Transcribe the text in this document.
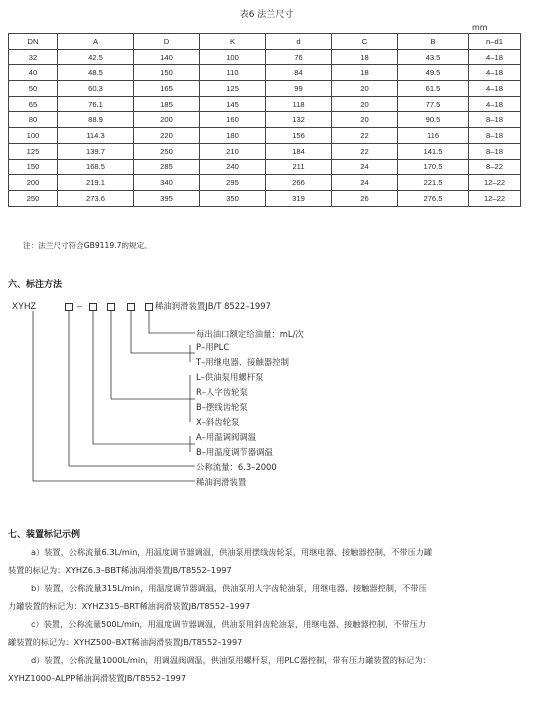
表6 法兰尺寸
mm
DN	A	D	K	d	C	B	n–d1
32	42.5	140	100	76	18	43.5	4–18
40	48.5	150	110	84	18	49.5	4–18
50	60.3	165	125	99	20	61.5	4–18
65	76.1	185	145	118	20	77.5	4–18
80	88.9	200	160	132	20	90.5	8–18
100	114.3	220	180	156	22	116	8–18
125	139.7	250	210	184	22	141.5	8–18
150	168.5	285	240	211	24	170.5	8–22
200	219.1	340	295	266	24	221.5	12–22
250	273.6	395	350	319	26	276.5	12–22
注：法兰尺寸符合GB9119.7的规定。
六、标注方法
XYHZ	–	稀油润滑装置JB/T 8522–1997
每出油口额定给油量：mL/次
P–用PLC
T–用继电器、接触器控制
L–供油泵用螺杆泵
R–人字齿轮泵
B–摆线齿轮泵
X–斜齿轮泵
A–用温调阀调温
B–用温度调节器调温
公称流量：6.3–2000
稀油润滑装置
七、装置标记示例
a）装置，公称流量6.3L/min，用温度调节器调温，供油泵用摆线齿轮泵，用继电器、接触器控制，不带压力罐
装置的标记为：XYHZ6.3–BBT稀油润滑装置JB/T8552–1997
b）装置，公称流量315L/min，用温度调节器调温，供油泵用人字齿轮油泵，用继电器、接触器控制，不带压
力罐装置的标记为：XYHZ315–BRT稀油润滑装置JB/T8552–1997
c）装置，公称流量500L/min，用温度调节器调温，供油泵用斜齿轮油泵，用继电器、接触器控制，不带压力
罐装置的标记为：XYHZ500–BXT稀油润滑装置JB/T8552–1997
d）装置，公称流量1000L/min，用调温阀调温，供油泵用螺杆泵，用PLC器控制，带有压力罐装置的标记为：
XYHZ1000–ALPP稀油润滑装置JB/T8552–1997
